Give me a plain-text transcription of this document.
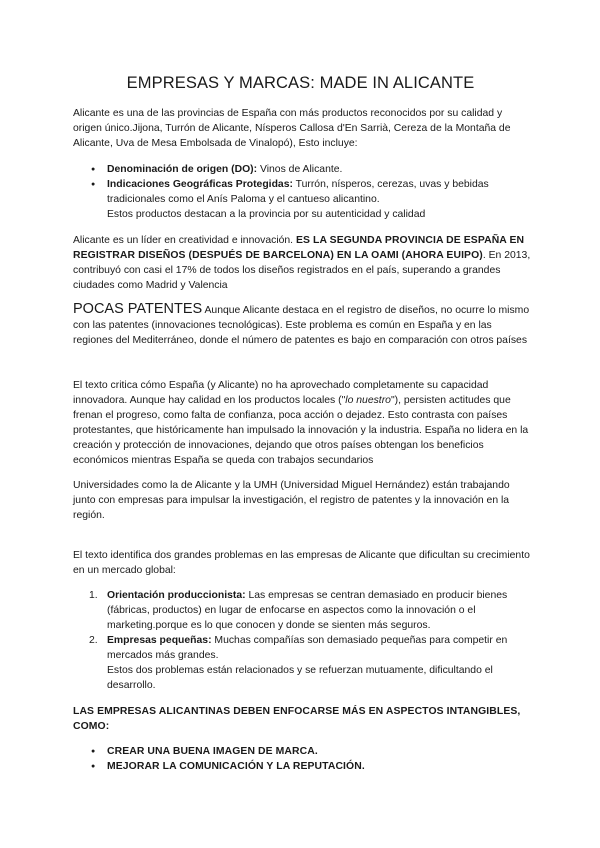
EMPRESAS Y MARCAS: MADE IN ALICANTE

Alicante es una de las provincias de España con más productos reconocidos por su calidad y origen único.Jijona, Turrón de Alicante, Nísperos Callosa d'En Sarrià, Cereza de la Montaña de Alicante, Uva de Mesa Embolsada de Vinalopó), Esto incluye:

● Denominación de origen (DO): Vinos de Alicante.
● Indicaciones Geográficas Protegidas: Turrón, nísperos, cerezas, uvas y bebidas tradicionales como el Anís Paloma y el cantueso alicantino.
Estos productos destacan a la provincia por su autenticidad y calidad

Alicante es un líder en creatividad e innovación. ES LA SEGUNDA PROVINCIA DE ESPAÑA EN REGISTRAR DISEÑOS (DESPUÉS DE BARCELONA) EN LA OAMI (AHORA EUIPO). En 2013, contribuyó con casi el 17% de todos los diseños registrados en el país, superando a grandes ciudades como Madrid y Valencia

POCAS PATENTES Aunque Alicante destaca en el registro de diseños, no ocurre lo mismo con las patentes (innovaciones tecnológicas). Este problema es común en España y en las regiones del Mediterráneo, donde el número de patentes es bajo en comparación con otros países

El texto critica cómo España (y Alicante) no ha aprovechado completamente su capacidad innovadora. Aunque hay calidad en los productos locales ("lo nuestro"), persisten actitudes que frenan el progreso, como falta de confianza, poca acción o dejadez. Esto contrasta con países protestantes, que históricamente han impulsado la innovación y la industria. España no lidera en la creación y protección de innovaciones, dejando que otros países obtengan los beneficios económicos mientras España se queda con trabajos secundarios

Universidades como la de Alicante y la UMH (Universidad Miguel Hernández) están trabajando junto con empresas para impulsar la investigación, el registro de patentes y la innovación en la región.

El texto identifica dos grandes problemas en las empresas de Alicante que dificultan su crecimiento en un mercado global:

1. Orientación produccionista: Las empresas se centran demasiado en producir bienes (fábricas, productos) en lugar de enfocarse en aspectos como la innovación o el marketing.porque es lo que conocen y donde se sienten más seguros.
2. Empresas pequeñas: Muchas compañías son demasiado pequeñas para competir en mercados más grandes.
Estos dos problemas están relacionados y se refuerzan mutuamente, dificultando el desarrollo.

LAS EMPRESAS ALICANTINAS DEBEN ENFOCARSE MÁS EN ASPECTOS INTANGIBLES, COMO:

● CREAR UNA BUENA IMAGEN DE MARCA.
● MEJORAR LA COMUNICACIÓN Y LA REPUTACIÓN.
